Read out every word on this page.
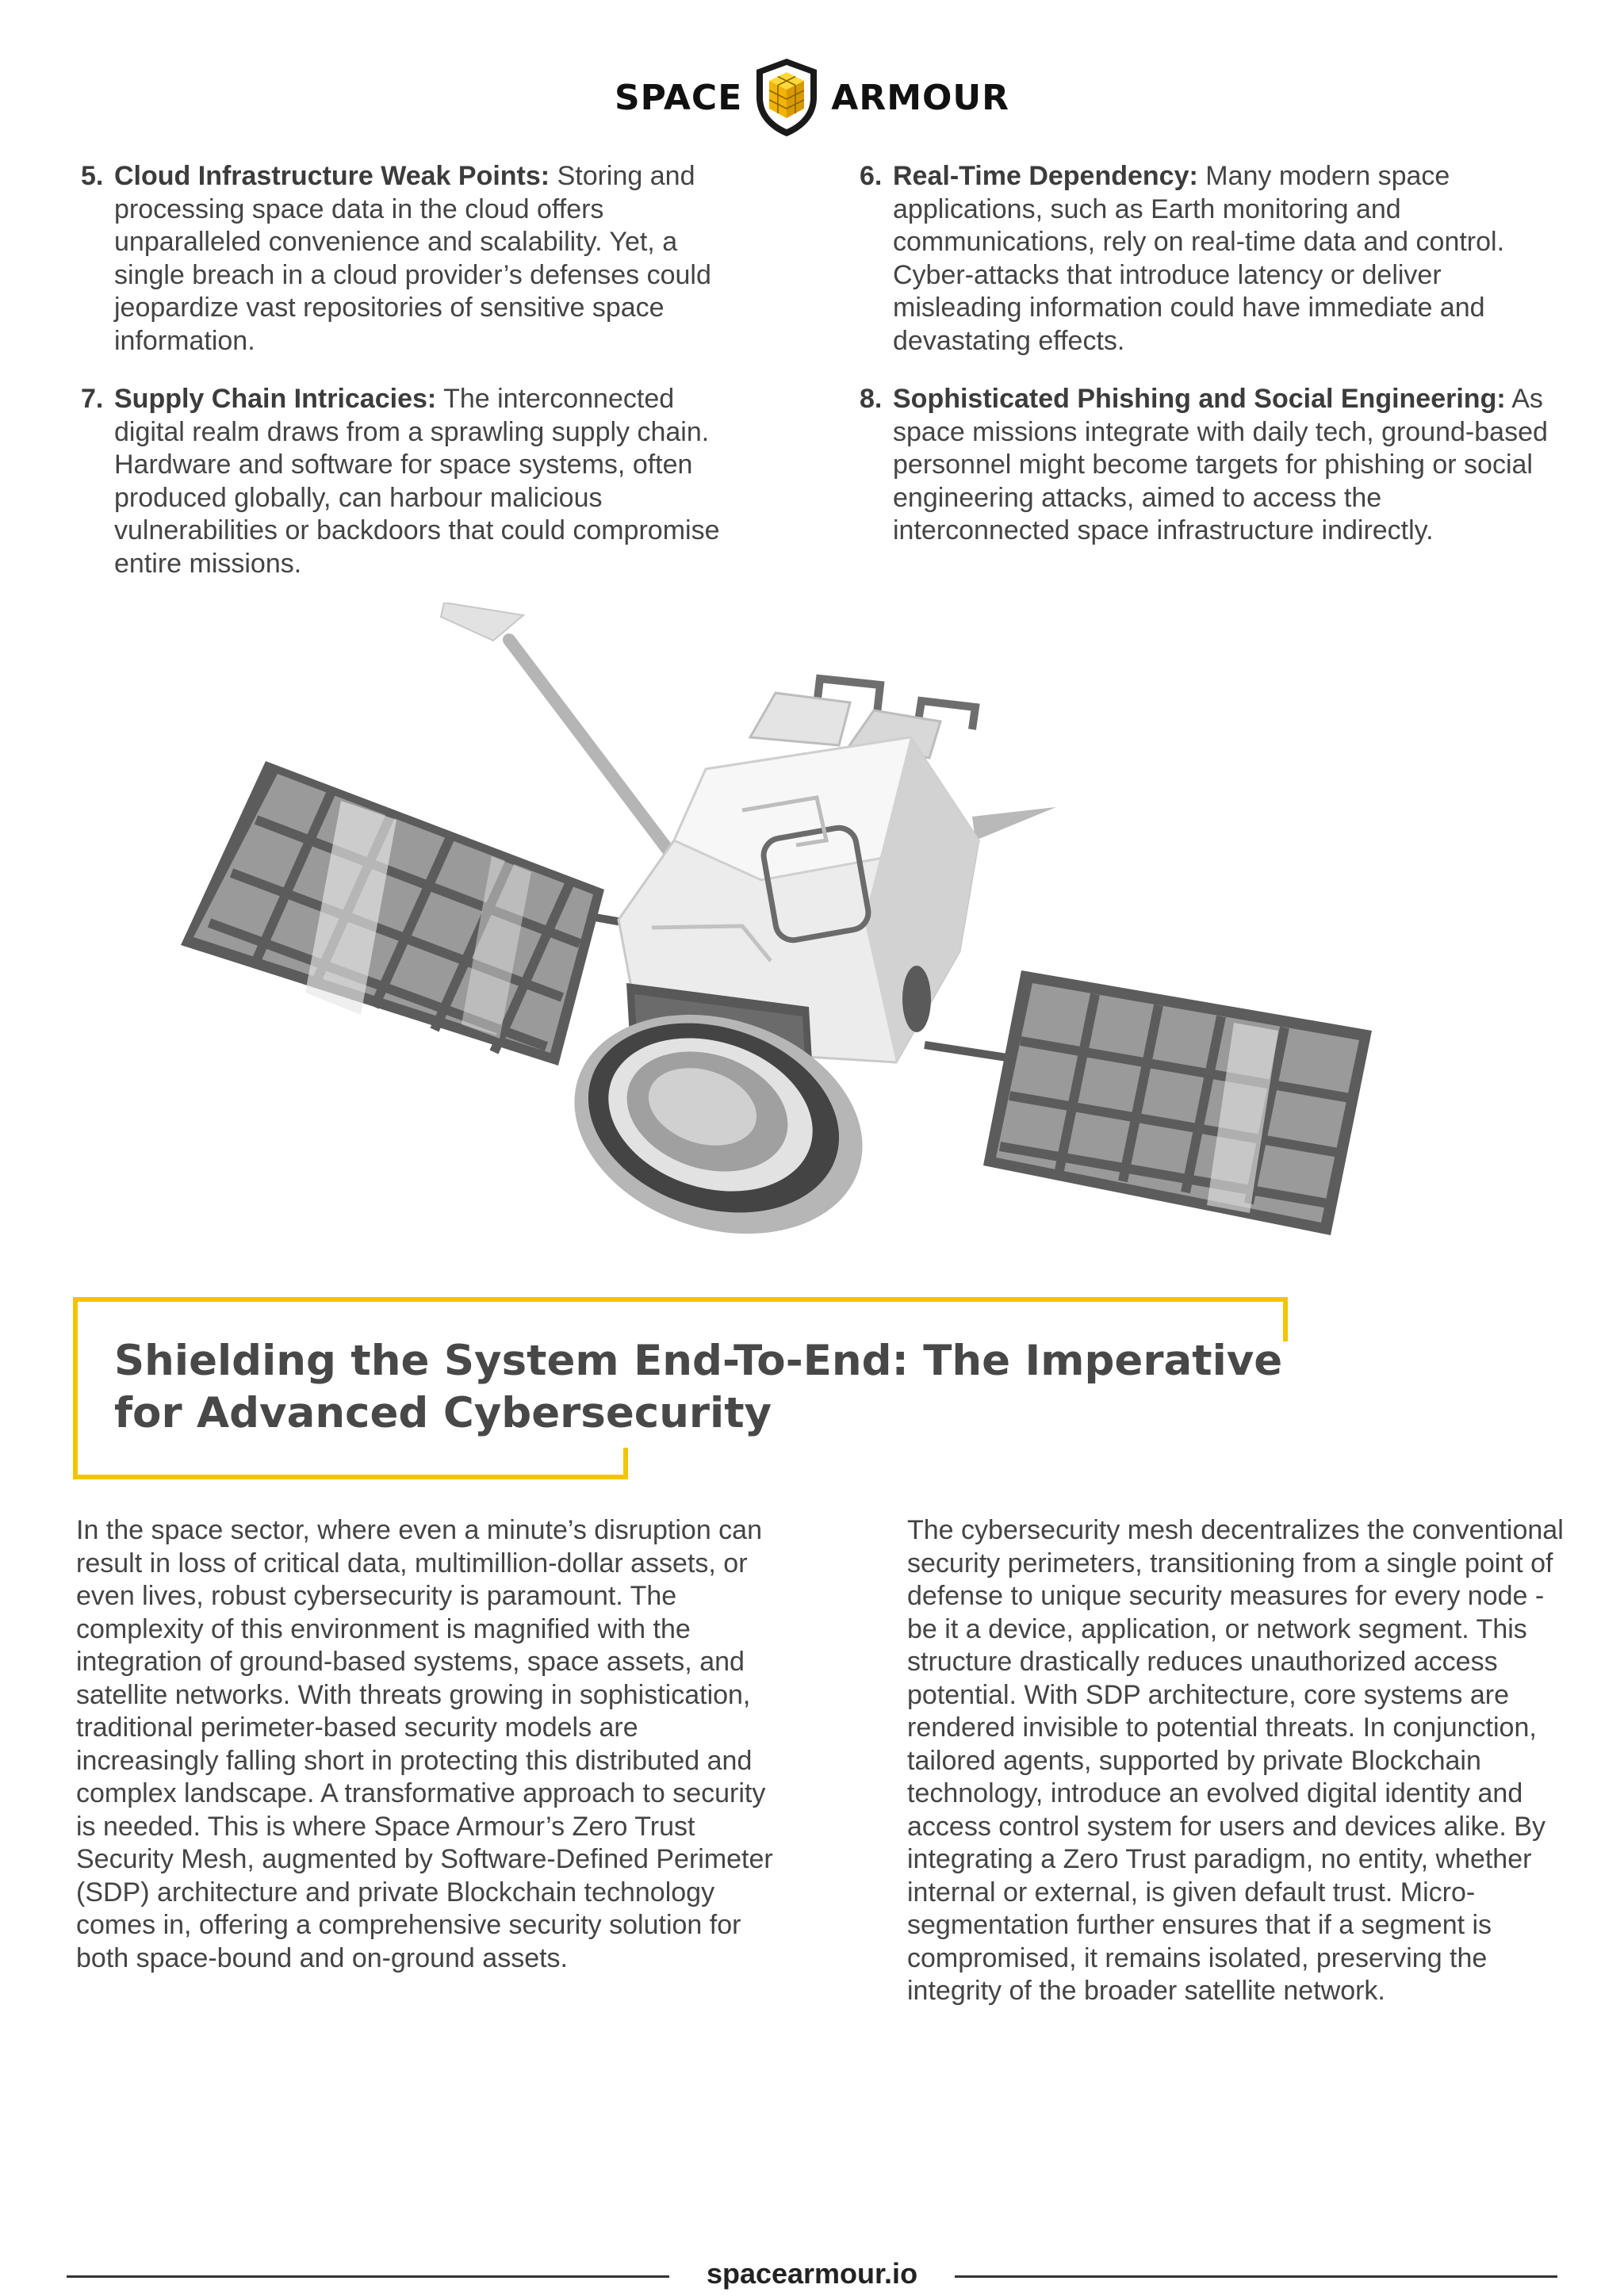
SPACE	ARMOUR
5. Cloud Infrastructure Weak Points: Storing and processing space data in the cloud offers unparalleled convenience and scalability. Yet, a single breach in a cloud provider’s defenses could jeopardize vast repositories of sensitive space information.
6. Real-Time Dependency: Many modern space applications, such as Earth monitoring and communications, rely on real-time data and control. Cyber-attacks that introduce latency or deliver misleading information could have immediate and devastating effects.
7. Supply Chain Intricacies: The interconnected digital realm draws from a sprawling supply chain. Hardware and software for space systems, often produced globally, can harbour malicious vulnerabilities or backdoors that could compromise entire missions.
8. Sophisticated Phishing and Social Engineering: As space missions integrate with daily tech, ground-based personnel might become targets for phishing or social engineering attacks, aimed to access the interconnected space infrastructure indirectly.
Shielding the System End-To-End: The Imperative for Advanced Cybersecurity

In the space sector, where even a minute’s disruption can result in loss of critical data, multimillion-dollar assets, or even lives, robust cybersecurity is paramount. The complexity of this environment is magnified with the integration of ground-based systems, space assets, and satellite networks. With threats growing in sophistication, traditional perimeter-based security models are increasingly falling short in protecting this distributed and complex landscape. A transformative approach to security is needed. This is where Space Armour’s Zero Trust Security Mesh, augmented by Software-Defined Perimeter (SDP) architecture and private Blockchain technology comes in, offering a comprehensive security solution for both space-bound and on-ground assets.

The cybersecurity mesh decentralizes the conventional security perimeters, transitioning from a single point of defense to unique security measures for every node - be it a device, application, or network segment. This structure drastically reduces unauthorized access potential. With SDP architecture, core systems are rendered invisible to potential threats. In conjunction, tailored agents, supported by private Blockchain technology, introduce an evolved digital identity and access control system for users and devices alike. By integrating a Zero Trust paradigm, no entity, whether internal or external, is given default trust. Micro-segmentation further ensures that if a segment is compromised, it remains isolated, preserving the integrity of the broader satellite network.

spacearmour.io
